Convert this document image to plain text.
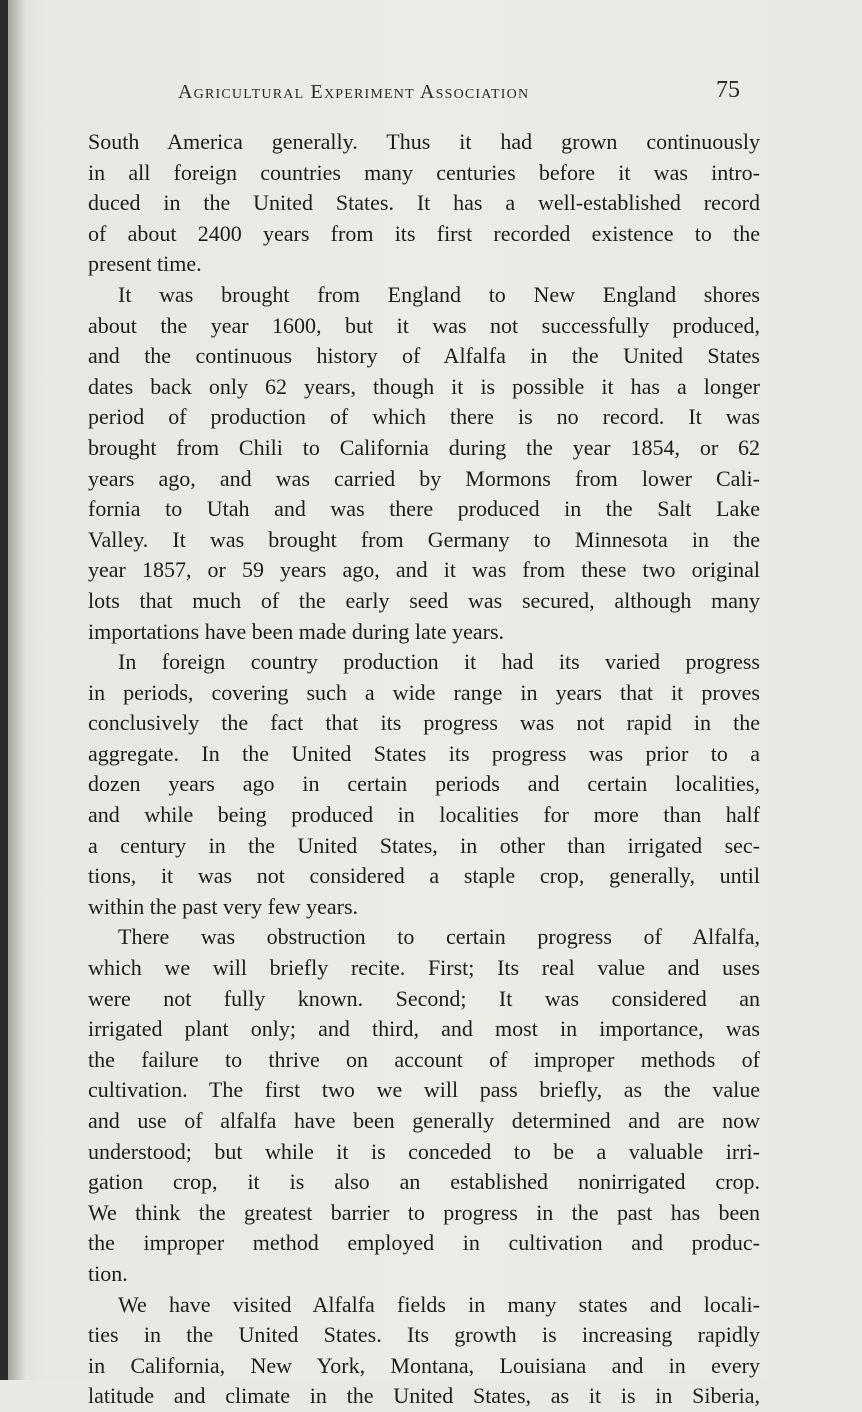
Agricultural Experiment Association	75
South America generally. Thus it had grown continuously
in all foreign countries many centuries before it was intro-
duced in the United States. It has a well-established record
of about 2400 years from its first recorded existence to the
present time.
It was brought from England to New England shores
about the year 1600, but it was not successfully produced,
and the continuous history of Alfalfa in the United States
dates back only 62 years, though it is possible it has a longer
period of production of which there is no record. It was
brought from Chili to California during the year 1854, or 62
years ago, and was carried by Mormons from lower Cali-
fornia to Utah and was there produced in the Salt Lake
Valley. It was brought from Germany to Minnesota in the
year 1857, or 59 years ago, and it was from these two original
lots that much of the early seed was secured, although many
importations have been made during late years.
In foreign country production it had its varied progress
in periods, covering such a wide range in years that it proves
conclusively the fact that its progress was not rapid in the
aggregate. In the United States its progress was prior to a
dozen years ago in certain periods and certain localities,
and while being produced in localities for more than half
a century in the United States, in other than irrigated sec-
tions, it was not considered a staple crop, generally, until
within the past very few years.
There was obstruction to certain progress of Alfalfa,
which we will briefly recite. First; Its real value and uses
were not fully known. Second; It was considered an
irrigated plant only; and third, and most in importance, was
the failure to thrive on account of improper methods of
cultivation. The first two we will pass briefly, as the value
and use of alfalfa have been generally determined and are now
understood; but while it is conceded to be a valuable irri-
gation crop, it is also an established nonirrigated crop.
We think the greatest barrier to progress in the past has been
the improper method employed in cultivation and produc-
tion.
We have visited Alfalfa fields in many states and locali-
ties in the United States. Its growth is increasing rapidly
in California, New York, Montana, Louisiana and in every
latitude and climate in the United States, as it is in Siberia,
